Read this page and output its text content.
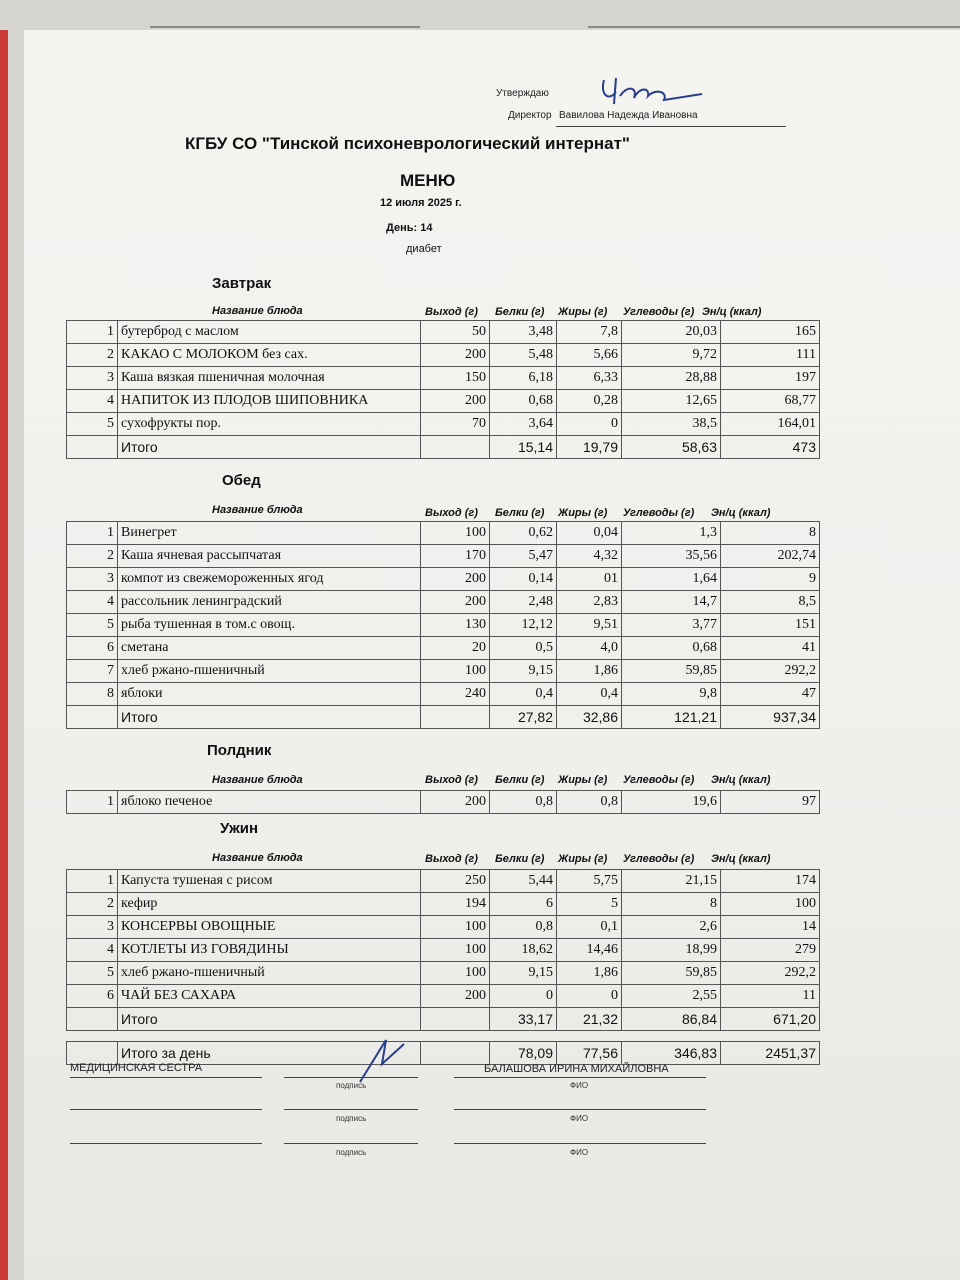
Утверждаю
Директор Вавилова Надежда Ивановна
КГБУ СО "Тинской психоневрологический интернат"
МЕНЮ
12 июля 2025 г.
День: 14
диабет
Завтрак
Название блюда	Выход (г) Белки (г) Жиры (г) Углеводы (г) Эн/ц (ккал)
1	бутерброд с маслом	50	3,48	7,8	20,03	165
2	КАКАО С МОЛОКОМ без сах.	200	5,48	5,66	9,72	111
3	Каша вязкая пшеничная молочная	150	6,18	6,33	28,88	197
4	НАПИТОК ИЗ ПЛОДОВ ШИПОВНИКА	200	0,68	0,28	12,65	68,77
5	сухофрукты пор.	70	3,64	0	38,5	164,01
	Итого		15,14	19,79	58,63	473
Обед
Название блюда	Выход (г) Белки (г) Жиры (г) Углеводы (г) Эн/ц (ккал)
1	Винегрет	100	0,62	0,04	1,3	8
2	Каша ячневая рассыпчатая	170	5,47	4,32	35,56	202,74
3	компот из свежемороженных ягод	200	0,14	01	1,64	9
4	рассольник ленинградский	200	2,48	2,83	14,7	8,5
5	рыба тушенная в том.с овощ.	130	12,12	9,51	3,77	151
6	сметана	20	0,5	4,0	0,68	41
7	хлеб ржано-пшеничный	100	9,15	1,86	59,85	292,2
8	яблоки	240	0,4	0,4	9,8	47
	Итого		27,82	32,86	121,21	937,34
Полдник
Название блюда	Выход (г) Белки (г) Жиры (г) Углеводы (г) Эн/ц (ккал)
1	яблоко печеное	200	0,8	0,8	19,6	97
Ужин
Название блюда	Выход (г) Белки (г) Жиры (г) Углеводы (г) Эн/ц (ккал)
1	Капуста тушеная с рисом	250	5,44	5,75	21,15	174
2	кефир	194	6	5	8	100
3	КОНСЕРВЫ ОВОЩНЫЕ	100	0,8	0,1	2,6	14
4	КОТЛЕТЫ ИЗ ГОВЯДИНЫ	100	18,62	14,46	18,99	279
5	хлеб ржано-пшеничный	100	9,15	1,86	59,85	292,2
6	ЧАЙ БЕЗ САХАРА	200	0	0	2,55	11
	Итого		33,17	21,32	86,84	671,20
	Итого за день		78,09	77,56	346,83	2451,37
МЕДИЦИНСКАЯ СЕСТРА	БАЛАШОВА ИРИНА МИХАЙЛОВНА
подпись	ФИО
подпись	ФИО
подпись	ФИО
